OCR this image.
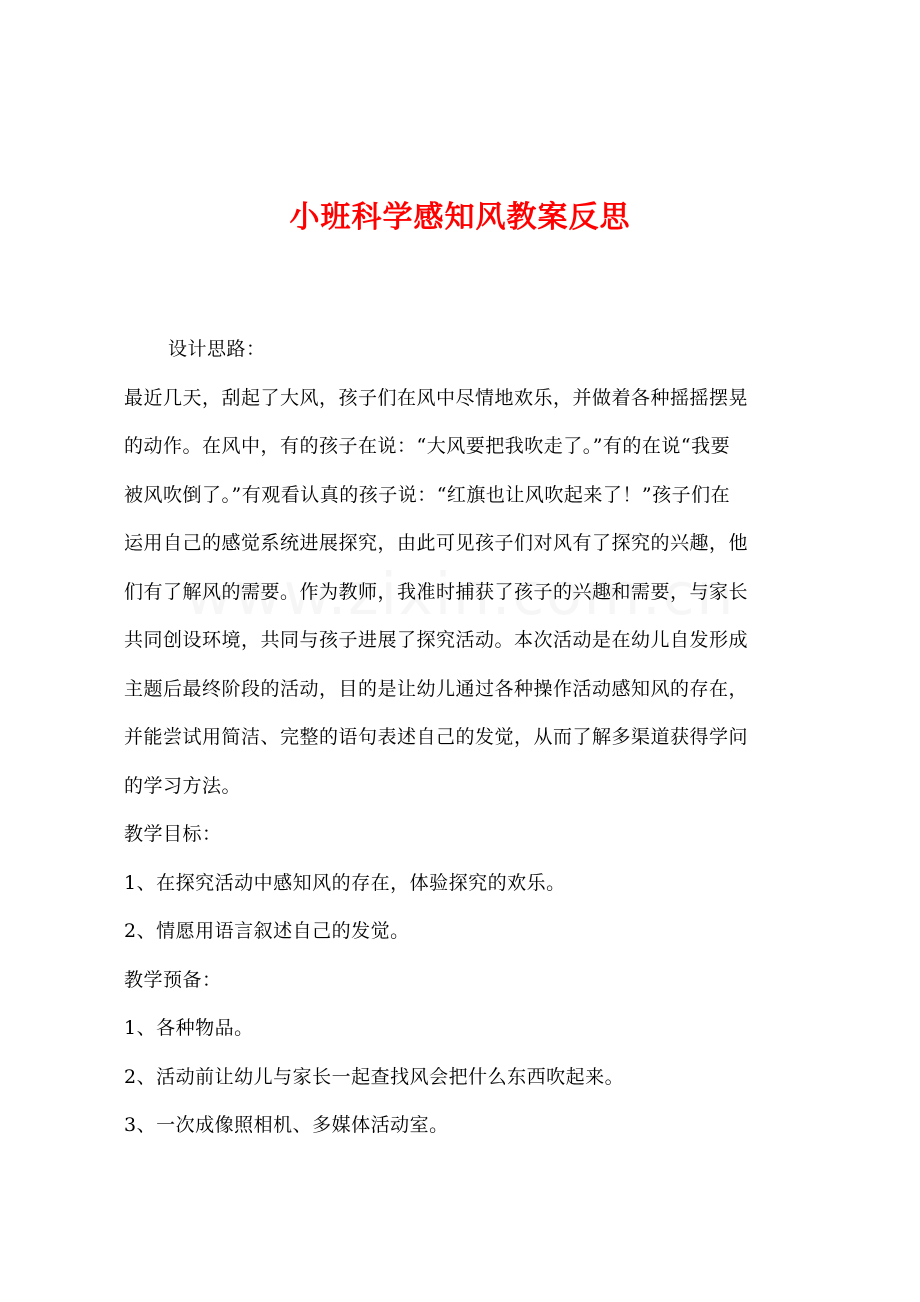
小班科学感知风教案反思
设计思路：
最近几天，刮起了大风，孩子们在风中尽情地欢乐，并做着各种摇摇摆晃
的动作。在风中，有的孩子在说：“大风要把我吹走了。”有的在说“我要
被风吹倒了。”有观看认真的孩子说：“红旗也让风吹起来了！”孩子们在
运用自己的感觉系统进展探究，由此可见孩子们对风有了探究的兴趣，他
们有了解风的需要。作为教师，我准时捕获了孩子的兴趣和需要，与家长
共同创设环境，共同与孩子进展了探究活动。本次活动是在幼儿自发形成
主题后最终阶段的活动，目的是让幼儿通过各种操作活动感知风的存在，
并能尝试用简洁、完整的语句表述自己的发觉，从而了解多渠道获得学问
的学习方法。
教学目标：
1、在探究活动中感知风的存在，体验探究的欢乐。
2、情愿用语言叙述自己的发觉。
教学预备：
1、各种物品。
2、活动前让幼儿与家长一起查找风会把什么东西吹起来。
3、一次成像照相机、多媒体活动室。
